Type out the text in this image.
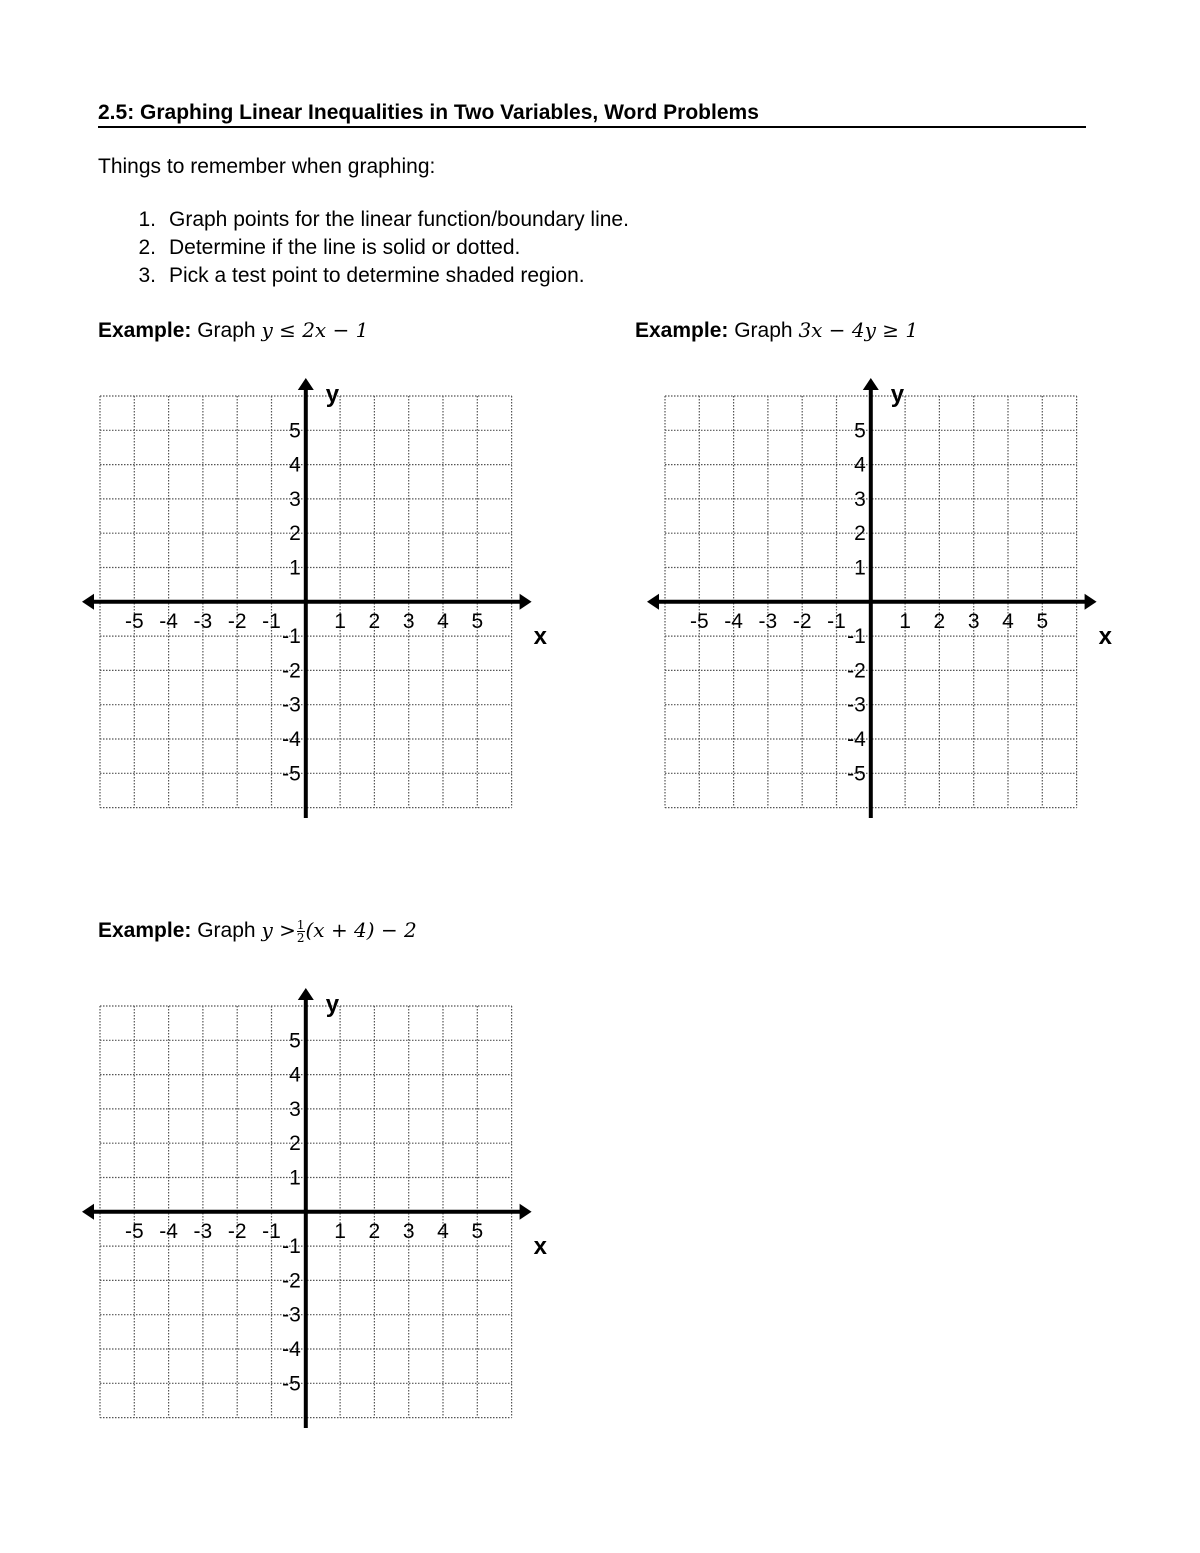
2.5: Graphing Linear Inequalities in Two Variables, Word Problems
Things to remember when graphing:
1. Graph points for the linear function/boundary line.
2. Determine if the line is solid or dotted.
3. Pick a test point to determine shaded region.
Example: Graph y ≤ 2x − 1	Example: Graph 3x − 4y ≥ 1
Example: Graph $y > \frac{1}{2} (x + 4) - 2$
-5 -4 -3 -2 -1	1 2 3 4 5
5
4
3
2
1
-1
-2
-3
-4
-5
x
y
-5 -4 -3 -2 -1	1 2 3 4 5
5
4
3
2
1
-1
-2
-3
-4
-5
x
y
-5 -4 -3 -2 -1	1 2 3 4 5
5
4
3
2
1
-1
-2
-3
-4
-5
x
y
